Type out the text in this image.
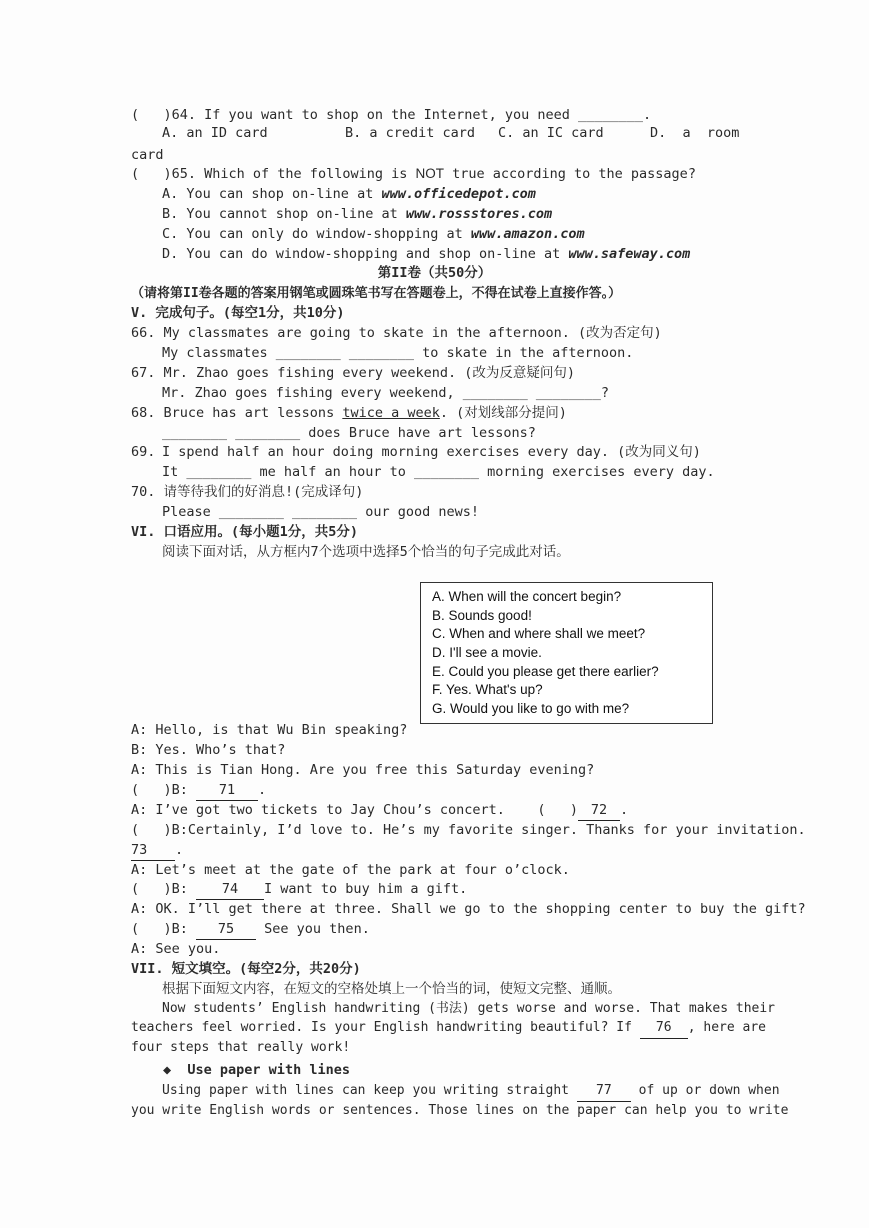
(   )64. If you want to shop on the Internet, you need ________.
A. an ID card	B. a credit card C. an IC card	D.  a  room
card
(   )65. Which of the following is NOT true according to the passage?
A. You can shop on-line at www.officedepot.com
B. You cannot shop on-line at www.rossstores.com
C. You can only do window-shopping at www.amazon.com
D. You can do window-shopping and shop on-line at www.safeway.com
第II卷（共50分）
（请将第II卷各题的答案用钢笔或圆珠笔书写在答题卷上，不得在试卷上直接作答。）
V. 完成句子。(每空1分，共10分)
66. My classmates are going to skate in the afternoon. (改为否定句)
My classmates ________ ________ to skate in the afternoon.
67. Mr. Zhao goes fishing every weekend. (改为反意疑问句)
Mr. Zhao goes fishing every weekend, ________ ________?
68. Bruce has art lessons twice a week. (对划线部分提问)
________ ________ does Bruce have art lessons?
69. I spend half an hour doing morning exercises every day. (改为同义句)
It ________ me half an hour to ________ morning exercises every day.
70. 请等待我们的好消息!(完成译句)
Please ________ ________ our good news!
VI. 口语应用。(每小题1分，共5分)
阅读下面对话，从方框内7个选项中选择5个恰当的句子完成此对话。
A. When will the concert begin?
B. Sounds good!
C. When and where shall we meet?
D. I'll see a movie.
E. Could you please get there earlier?
F. Yes. What's up?
G. Would you like to go with me?
A: Hello, is that Wu Bin speaking?
B: Yes. Who’s that?
A: This is Tian Hong. Are you free this Saturday evening?
(   )B: 71 .
A: I’ve got two tickets to Jay Chou’s concert.    (   ) 72 .
(   )B:Certainly, I’d love to. He’s my favorite singer. Thanks for your invitation.
73 .
A: Let’s meet at the gate of the park at four o’clock.
(   )B: 74 I want to buy him a gift.
A: OK. I’ll get there at three. Shall we go to the shopping center to buy the gift?
(   )B: 75 See you then.
A: See you.
VII. 短文填空。(每空2分，共20分)
根据下面短文内容，在短文的空格处填上一个恰当的词，使短文完整、通顺。
Now students’ English handwriting (书法) gets worse and worse. That makes their
teachers feel worried. Is your English handwriting beautiful? If 76 , here are
four steps that really work!
◆ Use paper with lines
Using paper with lines can keep you writing straight 77 of up or down when
you write English words or sentences. Those lines on the paper can help you to write
